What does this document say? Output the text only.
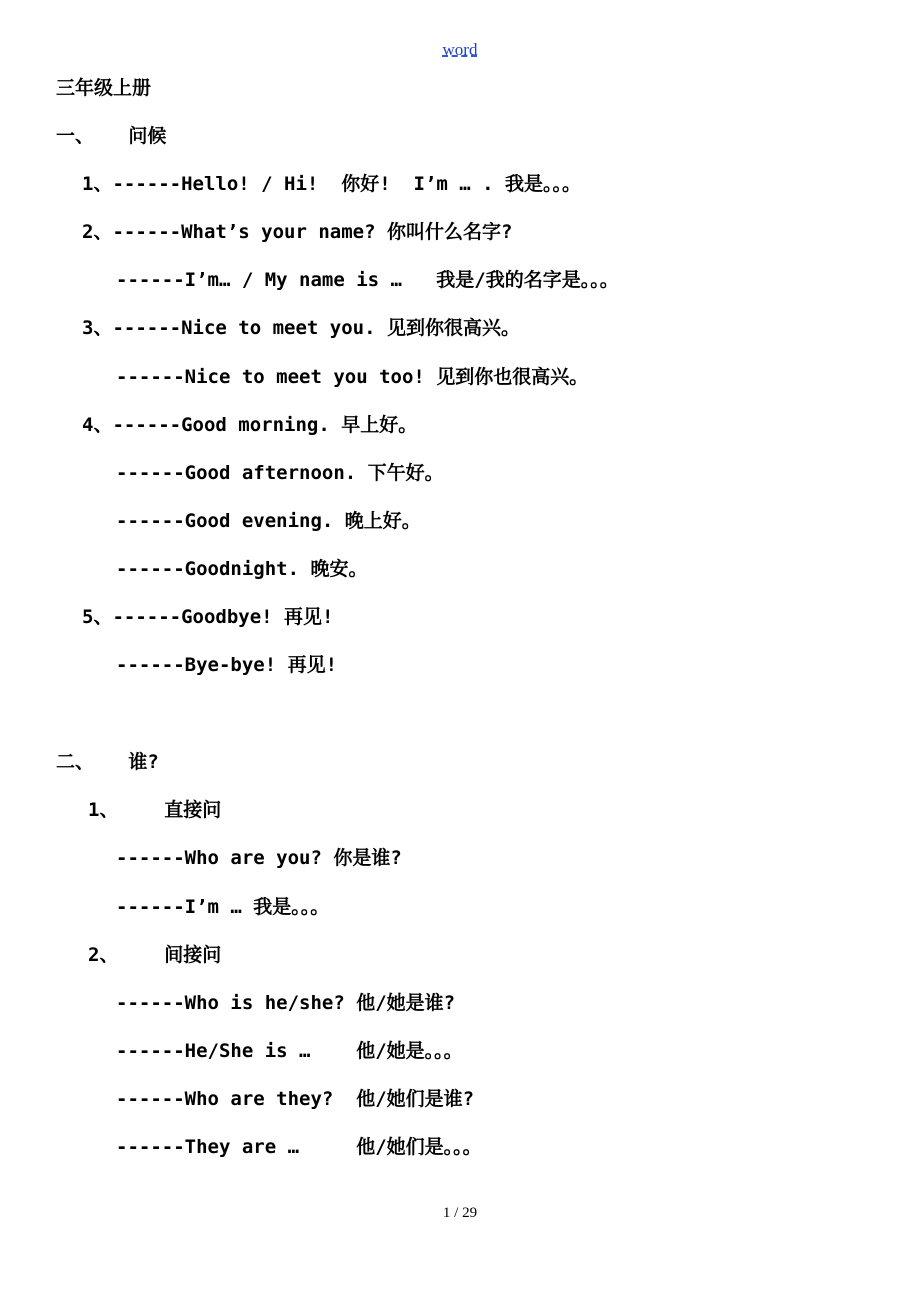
word
三年级上册
一、   问候
1、------Hello! / Hi!  你好!  I’m … . 我是。。。
2、------What’s your name? 你叫什么名字?
------I’m… / My name is …   我是/我的名字是。。。
3、------Nice to meet you. 见到你很高兴。
------Nice to meet you too! 见到你也很高兴。
4、------Good morning. 早上好。
------Good afternoon. 下午好。
------Good evening. 晚上好。
------Goodnight. 晚安。
5、------Goodbye! 再见!
------Bye-bye! 再见!
二、   谁?
1、    直接问
------Who are you? 你是谁?
------I’m … 我是。。。
2、    间接问
------Who is he/she? 他/她是谁?
------He/She is …    他/她是。。。
------Who are they?  他/她们是谁?
------They are …     他/她们是。。。
1 / 29
